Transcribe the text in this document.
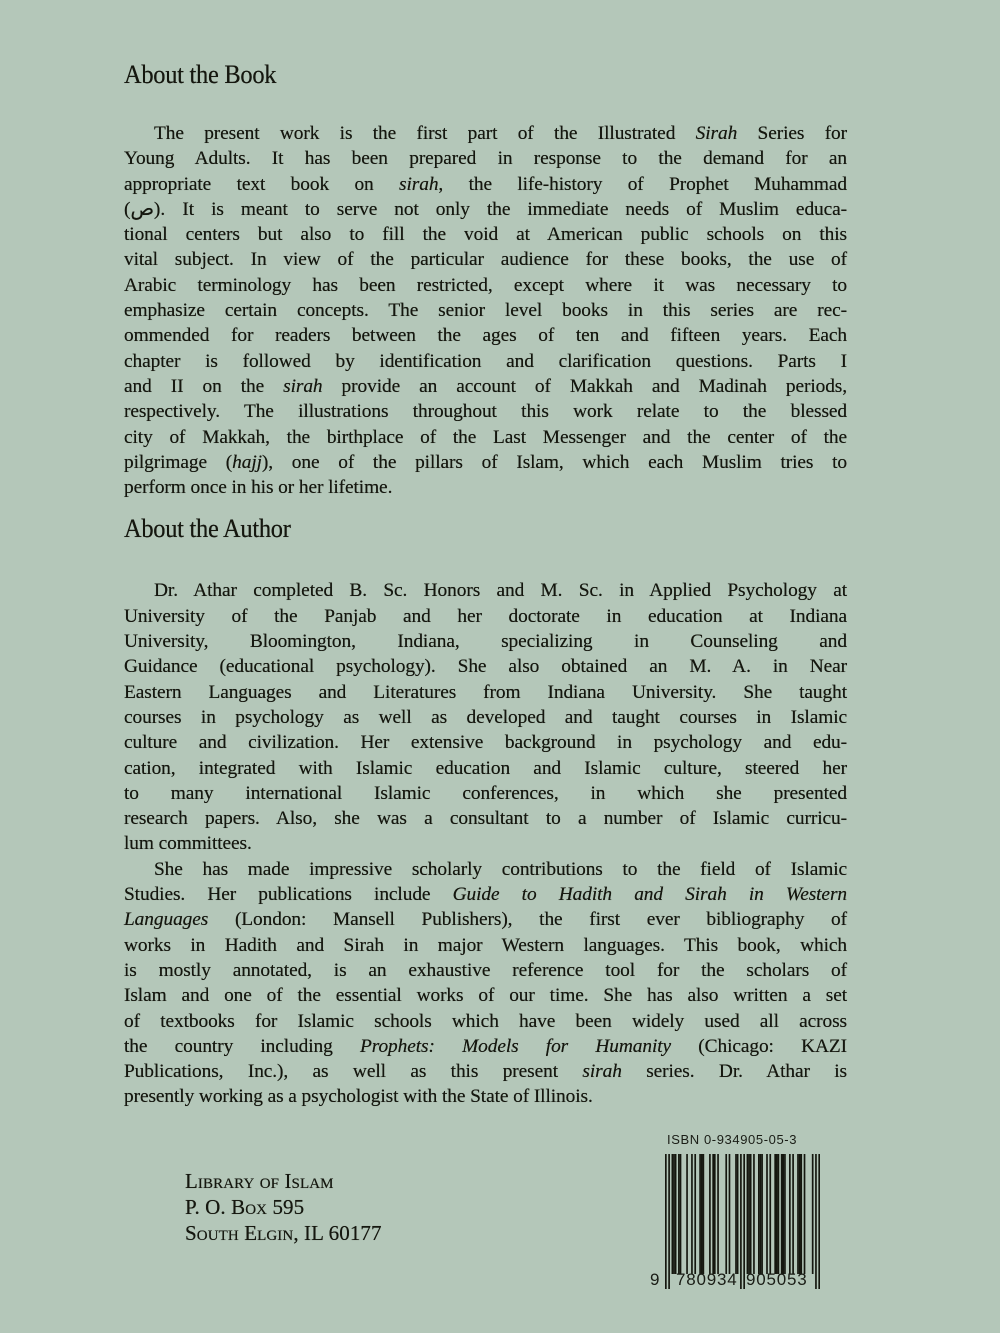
About the Book
The present work is the first part of the Illustrated Sirah Series for
Young Adults. It has been prepared in response to the demand for an
appropriate text book on sirah, the life-history of Prophet Muhammad
(ص). It is meant to serve not only the immediate needs of Muslim educa-
tional centers but also to fill the void at American public schools on this
vital subject. In view of the particular audience for these books, the use of
Arabic terminology has been restricted, except where it was necessary to
emphasize certain concepts. The senior level books in this series are rec-
ommended for readers between the ages of ten and fifteen years. Each
chapter is followed by identification and clarification questions. Parts I
and II on the sirah provide an account of Makkah and Madinah periods,
respectively. The illustrations throughout this work relate to the blessed
city of Makkah, the birthplace of the Last Messenger and the center of the
pilgrimage (hajj), one of the pillars of Islam, which each Muslim tries to
perform once in his or her lifetime.
About the Author
Dr. Athar completed B. Sc. Honors and M. Sc. in Applied Psychology at
University of the Panjab and her doctorate in education at Indiana
University, Bloomington, Indiana, specializing in Counseling and
Guidance (educational psychology). She also obtained an M. A. in Near
Eastern Languages and Literatures from Indiana University. She taught
courses in psychology as well as developed and taught courses in Islamic
culture and civilization. Her extensive background in psychology and edu-
cation, integrated with Islamic education and Islamic culture, steered her
to many international Islamic conferences, in which she presented
research papers. Also, she was a consultant to a number of Islamic curricu-
lum committees.
She has made impressive scholarly contributions to the field of Islamic
Studies. Her publications include Guide to Hadith and Sirah in Western
Languages (London: Mansell Publishers), the first ever bibliography of
works in Hadith and Sirah in major Western languages. This book, which
is mostly annotated, is an exhaustive reference tool for the scholars of
Islam and one of the essential works of our time. She has also written a set
of textbooks for Islamic schools which have been widely used all across
the country including Prophets: Models for Humanity (Chicago: KAZI
Publications, Inc.), as well as this present sirah series. Dr. Athar is
presently working as a psychologist with the State of Illinois.
Library of Islam
P. O. Box 595
South Elgin, IL 60177
ISBN 0-934905-05-3
9 780934 905053
